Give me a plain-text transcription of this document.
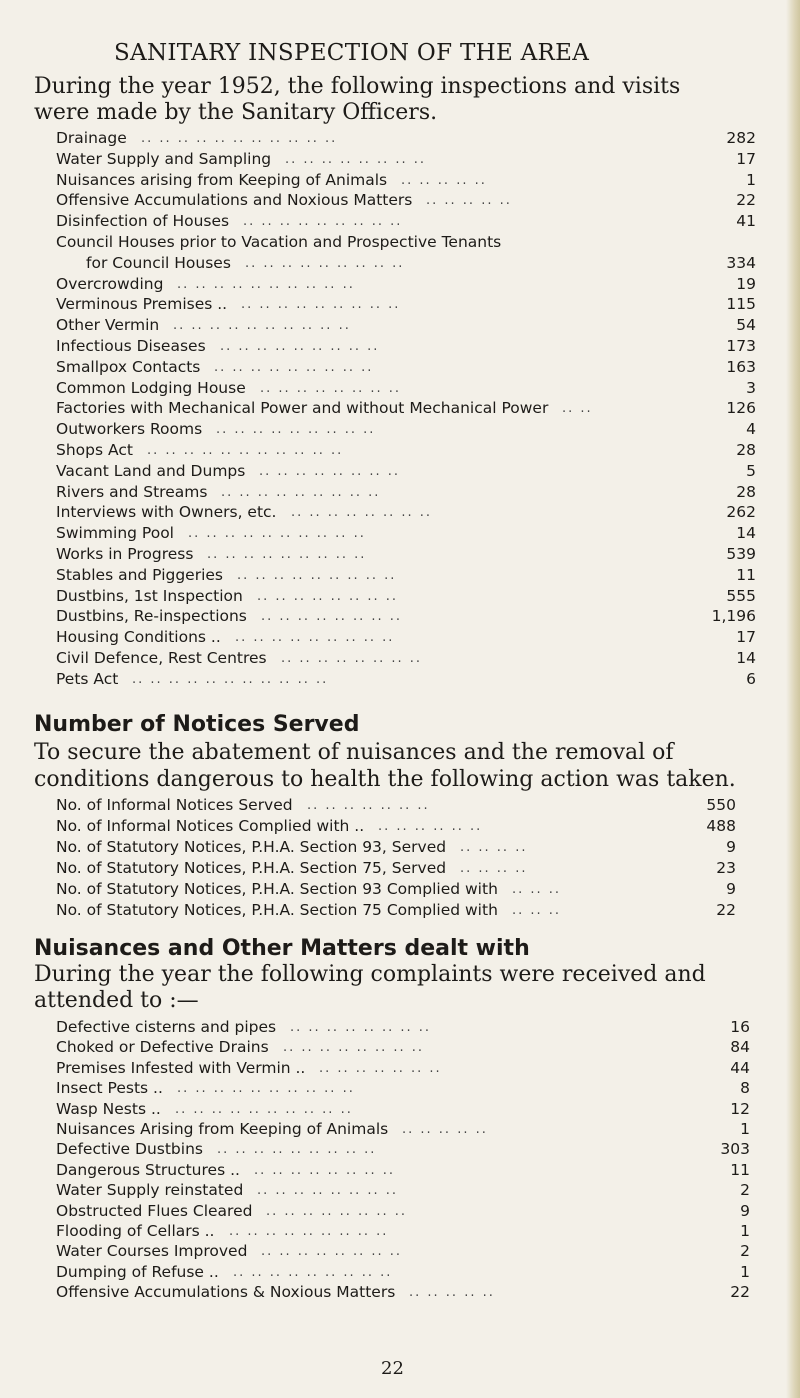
SANITARY INSPECTION OF THE AREA
During the year 1952, the following inspections and visits
were made by the Sanitary Officers.
Drainage	282
.. .. .. .. .. .. .. .. .. .. ..
Water Supply and Sampling	17
.. .. .. .. .. .. .. ..
Nuisances arising from Keeping of Animals	1
.. .. .. .. ..
Offensive Accumulations and Noxious Matters	22
.. .. .. .. ..
Disinfection of Houses	41
.. .. .. .. .. .. .. .. ..
Council Houses prior to Vacation and Prospective Tenants
for Council Houses	334
.. .. .. .. .. .. .. .. ..
Overcrowding	19
.. .. .. .. .. .. .. .. .. ..
Verminous Premises ..	115
.. .. .. .. .. .. .. .. ..
Other Vermin	54
.. .. .. .. .. .. .. .. .. ..
Infectious Diseases	173
.. .. .. .. .. .. .. .. ..
Smallpox Contacts	163
.. .. .. .. .. .. .. .. ..
Common Lodging House	3
.. .. .. .. .. .. .. ..
Factories with Mechanical Power and without Mechanical Power	126
.. ..
Outworkers Rooms	4
.. .. .. .. .. .. .. .. ..
Shops Act	28
.. .. .. .. .. .. .. .. .. .. ..
Vacant Land and Dumps	5
.. .. .. .. .. .. .. ..
Rivers and Streams	28
.. .. .. .. .. .. .. .. ..
Interviews with Owners, etc.	262
.. .. .. .. .. .. .. ..
Swimming Pool	14
.. .. .. .. .. .. .. .. .. ..
Works in Progress	539
.. .. .. .. .. .. .. .. ..
Stables and Piggeries	11
.. .. .. .. .. .. .. .. ..
Dustbins, 1st Inspection	555
.. .. .. .. .. .. .. ..
Dustbins, Re-inspections	1,196
.. .. .. .. .. .. .. ..
Housing Conditions ..	17
.. .. .. .. .. .. .. .. ..
Civil Defence, Rest Centres	14
.. .. .. .. .. .. .. ..
Pets Act	6
.. .. .. .. .. .. .. .. .. .. ..
Number of Notices Served
To secure the abatement of nuisances and the removal of
conditions dangerous to health the following action was taken.
No. of Informal Notices Served	550
.. .. .. .. .. .. ..
No. of Informal Notices Complied with ..	488
.. .. .. .. .. ..
No. of Statutory Notices, P.H.A. Section 93, Served	9
.. .. .. ..
No. of Statutory Notices, P.H.A. Section 75, Served	23
.. .. .. ..
No. of Statutory Notices, P.H.A. Section 93 Complied with	9
.. .. ..
No. of Statutory Notices, P.H.A. Section 75 Complied with	22
.. .. ..
Nuisances and Other Matters dealt with
During the year the following complaints were received and
attended to :—
Defective cisterns and pipes	16
.. .. .. .. .. .. .. ..
Choked or Defective Drains	84
.. .. .. .. .. .. .. ..
Premises Infested with Vermin ..	44
.. .. .. .. .. .. ..
Insect Pests ..	8
.. .. .. .. .. .. .. .. .. ..
Wasp Nests ..	12
.. .. .. .. .. .. .. .. .. ..
Nuisances Arising from Keeping of Animals	1
.. .. .. .. ..
Defective Dustbins	303
.. .. .. .. .. .. .. .. ..
Dangerous Structures ..	11
.. .. .. .. .. .. .. ..
Water Supply reinstated	2
.. .. .. .. .. .. .. ..
Obstructed Flues Cleared	9
.. .. .. .. .. .. .. ..
Flooding of Cellars ..	1
.. .. .. .. .. .. .. .. ..
Water Courses Improved	2
.. .. .. .. .. .. .. ..
Dumping of Refuse ..	1
.. .. .. .. .. .. .. .. ..
Offensive Accumulations & Noxious Matters	22
.. .. .. .. ..
22
